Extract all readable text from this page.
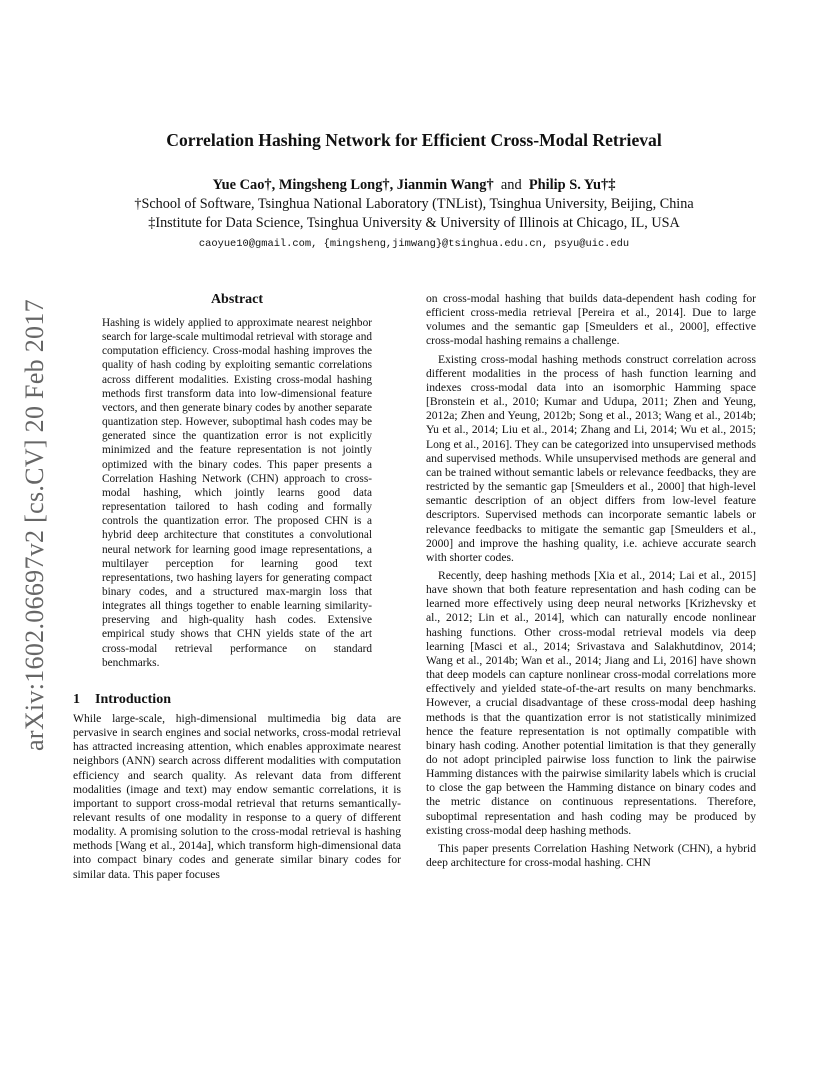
arXiv:1602.06697v2 [cs.CV] 20 Feb 2017
Correlation Hashing Network for Efficient Cross-Modal Retrieval
Yue Cao†, Mingsheng Long†, Jianmin Wang† and Philip S. Yu†‡
†School of Software, Tsinghua National Laboratory (TNList), Tsinghua University, Beijing, China
‡Institute for Data Science, Tsinghua University & University of Illinois at Chicago, IL, USA
caoyue10@gmail.com, {mingsheng,jimwang}@tsinghua.edu.cn, psyu@uic.edu
Abstract

Hashing is widely applied to approximate nearest neighbor search for large-scale multimodal retrieval with storage and computation efficiency. Cross-modal hashing improves the quality of hash coding by exploiting semantic correlations across different modalities. Existing cross-modal hashing methods first transform data into low-dimensional feature vectors, and then generate binary codes by another separate quantization step. However, suboptimal hash codes may be generated since the quantization error is not explicitly minimized and the feature representation is not jointly optimized with the binary codes. This paper presents a Correlation Hashing Network (CHN) approach to cross-modal hashing, which jointly learns good data representation tailored to hash coding and formally controls the quantization error. The proposed CHN is a hybrid deep architecture that constitutes a convolutional neural network for learning good image representations, a multilayer perception for learning good text representations, two hashing layers for generating compact binary codes, and a structured max-margin loss that integrates all things together to enable learning similarity-preserving and high-quality hash codes. Extensive empirical study shows that CHN yields state of the art cross-modal retrieval performance on standard benchmarks.

1 Introduction

While large-scale, high-dimensional multimedia big data are pervasive in search engines and social networks, cross-modal retrieval has attracted increasing attention, which enables approximate nearest neighbors (ANN) search across different modalities with computation efficiency and search quality. As relevant data from different modalities (image and text) may endow semantic correlations, it is important to support cross-modal retrieval that returns semantically-relevant results of one modality in response to a query of different modality. A promising solution to the cross-modal retrieval is hashing methods [Wang et al., 2014a], which transform high-dimensional data into compact binary codes and generate similar binary codes for similar data. This paper focuses

on cross-modal hashing that builds data-dependent hash coding for efficient cross-media retrieval [Pereira et al., 2014]. Due to large volumes and the semantic gap [Smeulders et al., 2000], effective cross-modal hashing remains a challenge.

Existing cross-modal hashing methods construct correlation across different modalities in the process of hash function learning and indexes cross-modal data into an isomorphic Hamming space [Bronstein et al., 2010; Kumar and Udupa, 2011; Zhen and Yeung, 2012a; Zhen and Yeung, 2012b; Song et al., 2013; Wang et al., 2014b; Yu et al., 2014; Liu et al., 2014; Zhang and Li, 2014; Wu et al., 2015; Long et al., 2016]. They can be categorized into unsupervised methods and supervised methods. While unsupervised methods are general and can be trained without semantic labels or relevance feedbacks, they are restricted by the semantic gap [Smeulders et al., 2000] that high-level semantic description of an object differs from low-level feature descriptors. Supervised methods can incorporate semantic labels or relevance feedbacks to mitigate the semantic gap [Smeulders et al., 2000] and improve the hashing quality, i.e. achieve accurate search with shorter codes.

Recently, deep hashing methods [Xia et al., 2014; Lai et al., 2015] have shown that both feature representation and hash coding can be learned more effectively using deep neural networks [Krizhevsky et al., 2012; Lin et al., 2014], which can naturally encode nonlinear hashing functions. Other cross-modal retrieval models via deep learning [Masci et al., 2014; Srivastava and Salakhutdinov, 2014; Wang et al., 2014b; Wan et al., 2014; Jiang and Li, 2016] have shown that deep models can capture nonlinear cross-modal correlations more effectively and yielded state-of-the-art results on many benchmarks. However, a crucial disadvantage of these cross-modal deep hashing methods is that the quantization error is not statistically minimized hence the feature representation is not optimally compatible with binary hash coding. Another potential limitation is that they generally do not adopt principled pairwise loss function to link the pairwise Hamming distances with the pairwise similarity labels which is crucial to close the gap between the Hamming distance on binary codes and the metric distance on continuous representations. Therefore, suboptimal representation and hash coding may be produced by existing cross-modal deep hashing methods.

This paper presents Correlation Hashing Network (CHN), a hybrid deep architecture for cross-modal hashing. CHN
